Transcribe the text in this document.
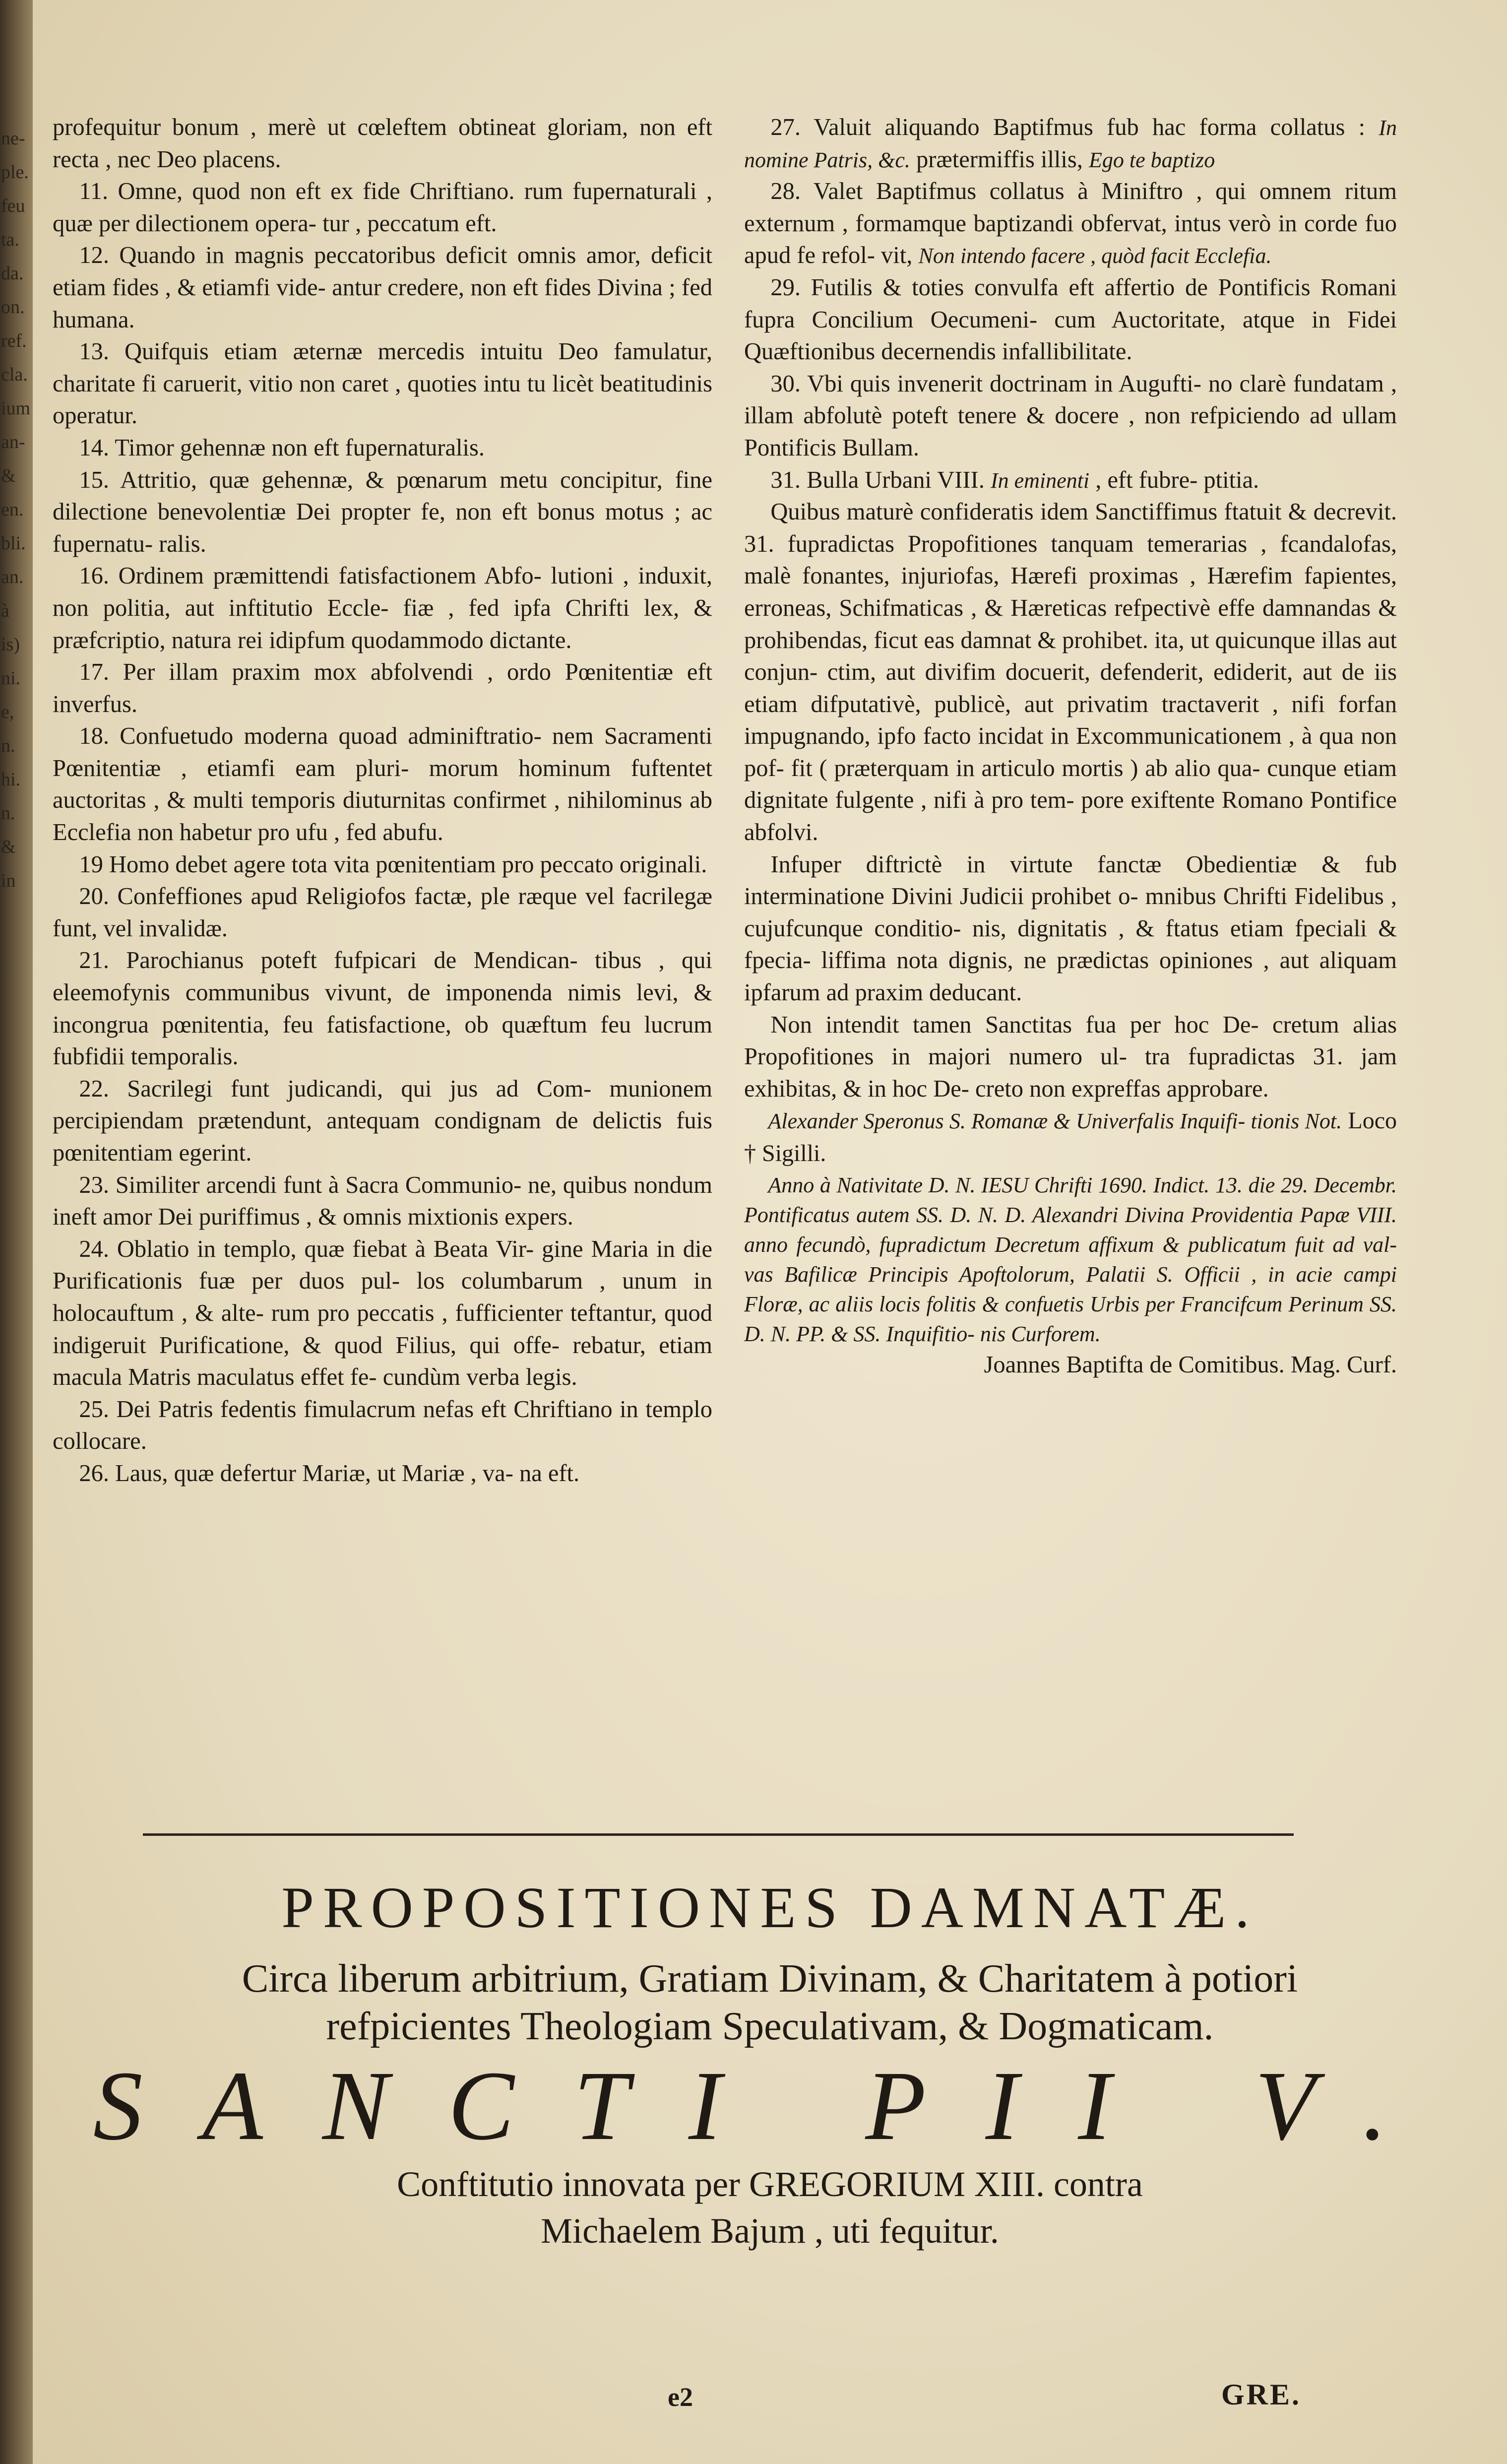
ne-
ple.
feu
ta.
da.
on.
ref.
cla.
ium
an-
&
en.
bli.
an.
à
is)
ni.
e,
n.
hi.
n.
&
in

profequitur bonum , merè ut cœleftem obtineat gloriam, non eft recta , nec Deo placens.

11. Omne, quod non eft ex fide Chriftiano. rum fupernaturali , quæ per dilectionem opera- tur , peccatum eft.

12. Quando in magnis peccatoribus deficit omnis amor, deficit etiam fides , & etiamfi vide- antur credere, non eft fides Divina ; fed humana.

13. Quifquis etiam æternæ mercedis intuitu Deo famulatur, charitate fi caruerit, vitio non caret , quoties intu tu licèt beatitudinis operatur.

14. Timor gehennæ non eft fupernaturalis.

15. Attritio, quæ gehennæ, & pœnarum metu concipitur, fine dilectione benevolentiæ Dei propter fe, non eft bonus motus ; ac fupernatu- ralis.

16. Ordinem præmittendi fatisfactionem Abfo- lutioni , induxit, non politia, aut inftitutio Eccle- fiæ , fed ipfa Chrifti lex, & præfcriptio, natura rei idipfum quodammodo dictante.

17. Per illam praxim mox abfolvendi , ordo Pœnitentiæ eft inverfus.

18. Confuetudo moderna quoad adminiftratio- nem Sacramenti Pœnitentiæ , etiamfi eam pluri- morum hominum fuftentet auctoritas , & multi temporis diuturnitas confirmet , nihilominus ab Ecclefia non habetur pro ufu , fed abufu.

19 Homo debet agere tota vita pœnitentiam pro peccato originali.

20. Confeffiones apud Religiofos factæ, ple ræque vel facrilegæ funt, vel invalidæ.

21. Parochianus poteft fufpicari de Mendican- tibus , qui eleemofynis communibus vivunt, de imponenda nimis levi, & incongrua pœnitentia, feu fatisfactione, ob quæftum feu lucrum fubfidii temporalis.

22. Sacrilegi funt judicandi, qui jus ad Com- munionem percipiendam prætendunt, antequam condignam de delictis fuis pœnitentiam egerint.

23. Similiter arcendi funt à Sacra Communio- ne, quibus nondum ineft amor Dei puriffimus , & omnis mixtionis expers.

24. Oblatio in templo, quæ fiebat à Beata Vir- gine Maria in die Purificationis fuæ per duos pul- los columbarum , unum in holocauftum , & alte- rum pro peccatis , fufficienter teftantur, quod indigeruit Purificatione, & quod Filius, qui offe- rebatur, etiam macula Matris maculatus effet fe- cundùm verba legis.

25. Dei Patris fedentis fimulacrum nefas eft Chriftiano in templo collocare.

26. Laus, quæ defertur Mariæ, ut Mariæ , va- na eft.

27. Valuit aliquando Baptifmus fub hac forma collatus : In nomine Patris, &c. prætermiffis illis, Ego te baptizo

28. Valet Baptifmus collatus à Miniftro , qui omnem ritum externum , formamque baptizandi obfervat, intus verò in corde fuo apud fe refol- vit, Non intendo facere , quòd facit Ecclefia.

29. Futilis & toties convulfa eft affertio de Pontificis Romani fupra Concilium Oecumeni- cum Auctoritate, atque in Fidei Quæftionibus decernendis infallibilitate.

30. Vbi quis invenerit doctrinam in Augufti- no clarè fundatam , illam abfolutè poteft tenere & docere , non refpiciendo ad ullam Pontificis Bullam.

31. Bulla Urbani VIII. In eminenti , eft fubre- ptitia.

Quibus maturè confideratis idem Sanctiffimus ftatuit & decrevit. 31. fupradictas Propofitiones tanquam temerarias , fcandalofas, malè fonantes, injuriofas, Hærefi proximas , Hærefim fapientes, erroneas, Schifmaticas , & Hæreticas refpectivè effe damnandas & prohibendas, ficut eas damnat & prohibet. ita, ut quicunque illas aut conjun- ctim, aut divifim docuerit, defenderit, ediderit, aut de iis etiam difputativè, publicè, aut privatim tractaverit , nifi forfan impugnando, ipfo facto incidat in Excommunicationem , à qua non pof- fit ( præterquam in articulo mortis ) ab alio qua- cunque etiam dignitate fulgente , nifi à pro tem- pore exiftente Romano Pontifice abfolvi.

Infuper diftrictè in virtute fanctæ Obedientiæ & fub interminatione Divini Judicii prohibet o- mnibus Chrifti Fidelibus , cujufcunque conditio- nis, dignitatis , & ftatus etiam fpeciali & fpecia- liffima nota dignis, ne prædictas opiniones , aut aliquam ipfarum ad praxim deducant.

Non intendit tamen Sanctitas fua per hoc De- cretum alias Propofitiones in majori numero ul- tra fupradictas 31. jam exhibitas, & in hoc De- creto non expreffas approbare.

Alexander Speronus S. Romanæ & Univerfalis Inquifi- tionis Not. Loco † Sigilli.

Anno à Nativitate D. N. IESU Chrifti 1690. Indict. 13. die 29. Decembr. Pontificatus autem SS. D. N. D. Alexandri Divina Providentia Papæ VIII. anno fecundò, fupradictum Decretum affixum & publicatum fuit ad val- vas Bafilicæ Principis Apoftolorum, Palatii S. Officii , in acie campi Floræ, ac aliis locis folitis & confuetis Urbis per Francifcum Perinum SS. D. N. PP. & SS. Inquifitio- nis Curforem.

Joannes Baptifta de Comitibus. Mag. Curf.

PROPOSITIONES DAMNATÆ.
Circa liberum arbitrium, Gratiam Divinam, & Charitatem à potiori
refpicientes Theologiam Speculativam, & Dogmaticam.
SANCTI PII V.
Conftitutio innovata per GREGORIUM XIII. contra
Michaelem Bajum , uti fequitur.
e2	GRE.
